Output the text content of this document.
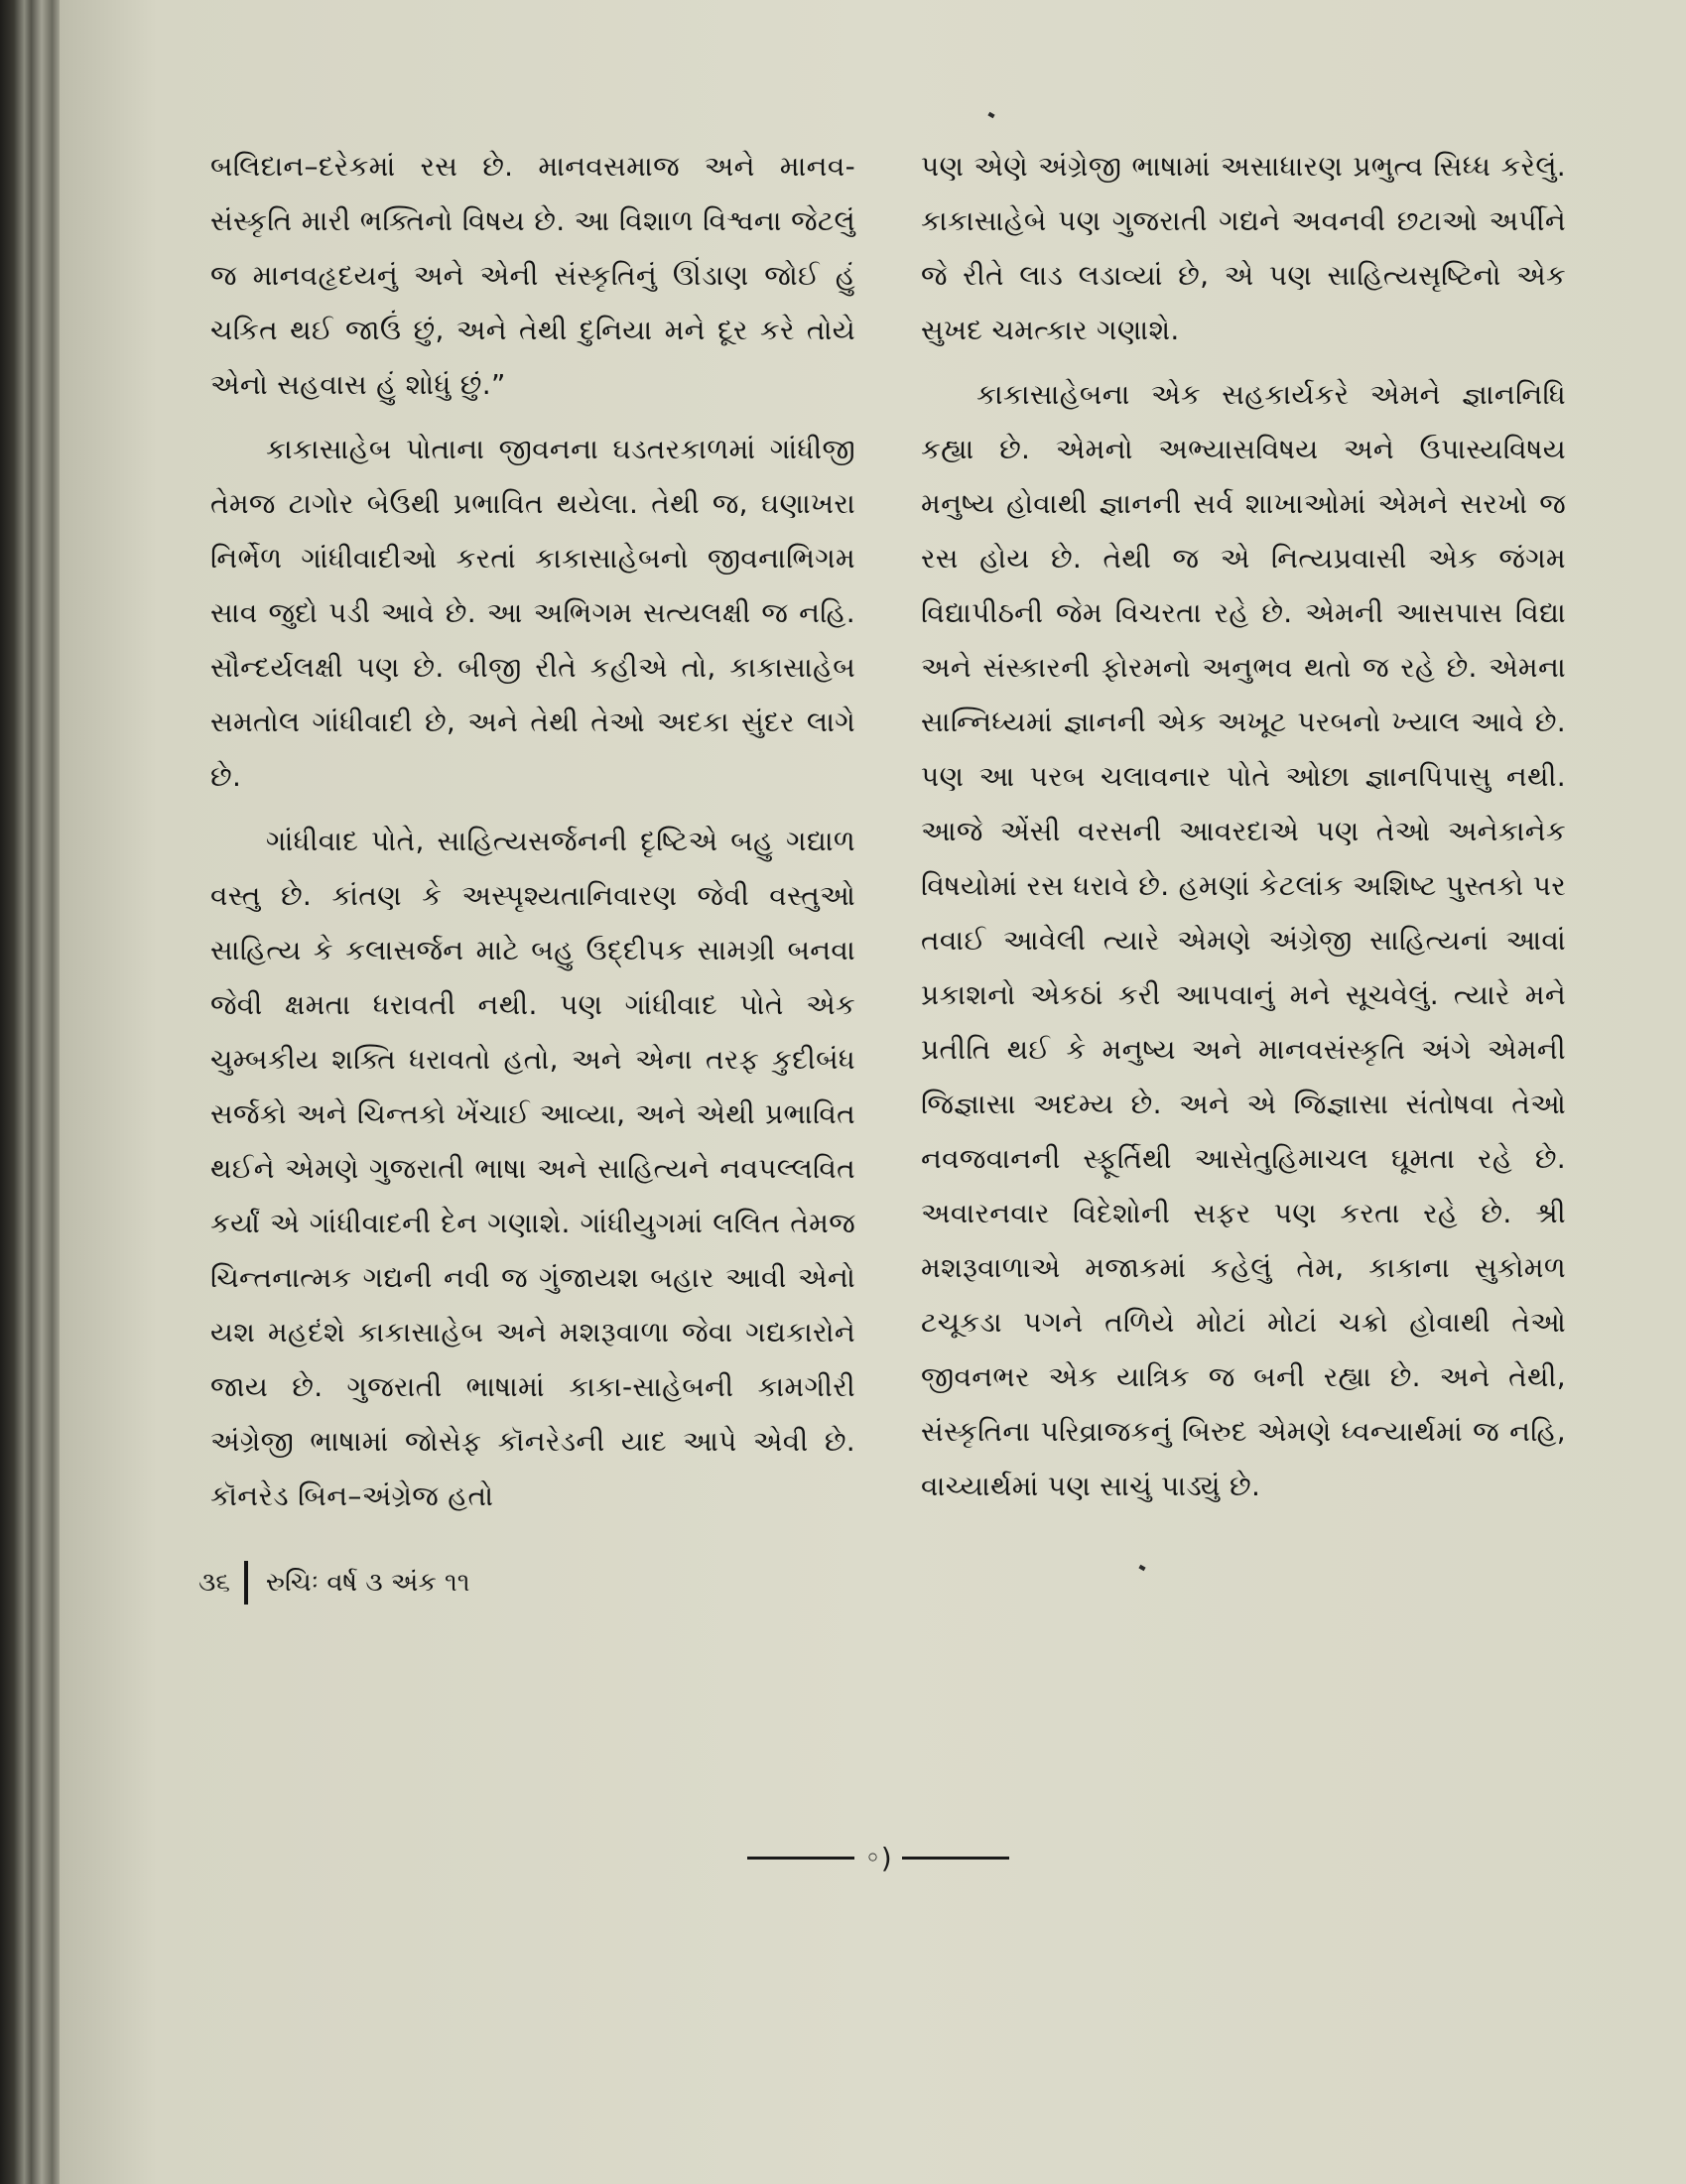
બલિદાન–દરેકમાં રસ છે. માનવસમાજ અને માનવ-સંસ્કૃતિ મારી ભક્તિનો વિષય છે. આ વિશાળ વિશ્વના જેટલું જ માનવહૃદયનું અને એની સંસ્કૃતિનું ઊંડાણ જોઈ હું ચકિત થઈ જાઉં છું, અને તેથી દુનિયા મને દૂર કરે તોયે એનો સહવાસ હું શોધું છું.”

કાકાસાહેબ પોતાના જીવનના ઘડતરકાળમાં ગાંધીજી તેમજ ટાગોર બેઉથી પ્રભાવિત થયેલા. તેથી જ, ઘણાખરા નિર્ભેળ ગાંધીવાદીઓ કરતાં કાકાસાહેબનો જીવનાભિગમ સાવ જુદો પડી આવે છે. આ અભિગમ સત્યલક્ષી જ નહિ. સૌન્દર્યલક્ષી પણ છે. બીજી રીતે કહીએ તો, કાકાસાહેબ સમતોલ ગાંધીવાદી છે, અને તેથી તેઓ અદકા સુંદર લાગે છે.

ગાંધીવાદ પોતે, સાહિત્યસર્જનની દૃષ્ટિએ બહુ ગદ્યાળ વસ્તુ છે. કાંતણ કે અસ્પૃશ્યતાનિવારણ જેવી વસ્તુઓ સાહિત્ય કે કલાસર્જન માટે બહુ ઉદ્દીપક સામગ્રી બનવા જેવી ક્ષમતા ધરાવતી નથી. પણ ગાંધીવાદ પોતે એક ચુમ્બકીય શક્તિ ધરાવતો હતો, અને એના તરફ કુદીબંધ સર્જકો અને ચિન્તકો ખેંચાઈ આવ્યા, અને એથી પ્રભાવિત થઈને એમણે ગુજરાતી ભાષા અને સાહિત્યને નવપલ્લવિત કર્યાં એ ગાંધીવાદની દેન ગણાશે. ગાંધીયુગમાં લલિત તેમજ ચિન્તનાત્મક ગદ્યની નવી જ ગુંજાયશ બહાર આવી એનો યશ મહદંશે કાકાસાહેબ અને મશરૂવાળા જેવા ગદ્યકારોને જાય છે. ગુજરાતી ભાષામાં કાકા-સાહેબની કામગીરી અંગ્રેજી ભાષામાં જોસેફ કૉનરેડની યાદ આપે એવી છે. કૉનરેડ બિન–અંગ્રેજ હતો

પણ એણે અંગ્રેજી ભાષામાં અસાધારણ પ્રભુત્વ સિધ્ધ કરેલું. કાકાસાહેબે પણ ગુજરાતી ગદ્યને અવનવી છટાઓ અર્પીને જે રીતે લાડ લડાવ્યાં છે, એ પણ સાહિત્યસૃષ્ટિનો એક સુખદ ચમત્કાર ગણાશે.

કાકાસાહેબના એક સહકાર્યકરે એમને જ્ઞાનનિધિ કહ્યા છે. એમનો અભ્યાસવિષય અને ઉપાસ્યવિષય મનુષ્ય હોવાથી જ્ઞાનની સર્વ શાખાઓમાં એમને સરખો જ રસ હોય છે. તેથી જ એ નિત્યપ્રવાસી એક જંગમ વિદ્યાપીઠની જેમ વિચરતા રહે છે. એમની આસપાસ વિદ્યા અને સંસ્કારની ફોરમનો અનુભવ થતો જ રહે છે. એમના સાન્નિધ્યમાં જ્ઞાનની એક અખૂટ પરબનો ખ્યાલ આવે છે. પણ આ પરબ ચલાવનાર પોતે ઓછા જ્ઞાનપિપાસુ નથી. આજે એંસી વરસની આવરદાએ પણ તેઓ અનેકાનેક વિષયોમાં રસ ધરાવે છે. હમણાં કેટલાંક અશિષ્ટ પુસ્તકો પર તવાઈ આવેલી ત્યારે એમણે અંગ્રેજી સાહિત્યનાં આવાં પ્રકાશનો એકઠાં કરી આપવાનું મને સૂચવેલું. ત્યારે મને પ્રતીતિ થઈ કે મનુષ્ય અને માનવસંસ્કૃતિ અંગે એમની જિજ્ઞાસા અદમ્ય છે. અને એ જિજ્ઞાસા સંતોષવા તેઓ નવજવાનની સ્ફૂર્તિથી આસેતુહિમાચલ ઘૂમતા રહે છે. અવારનવાર વિદેશોની સફર પણ કરતા રહે છે. શ્રી મશરૂવાળાએ મજાકમાં કહેલું તેમ, કાકાના સુકોમળ ટચૂકડા પગને તળિયે મોટાં મોટાં ચક્રો હોવાથી તેઓ જીવનભર એક યાત્રિક જ બની રહ્યા છે. અને તેથી, સંસ્કૃતિના પરિવ્રાજકનું બિરુદ એમણે ધ્વન્યાર્થમાં જ નહિ, વાચ્યાર્થમાં પણ સાચું પાડ્યું છે.

૩૬ રુચિઃ વર્ષ ૩ અંક ૧૧
◦)
